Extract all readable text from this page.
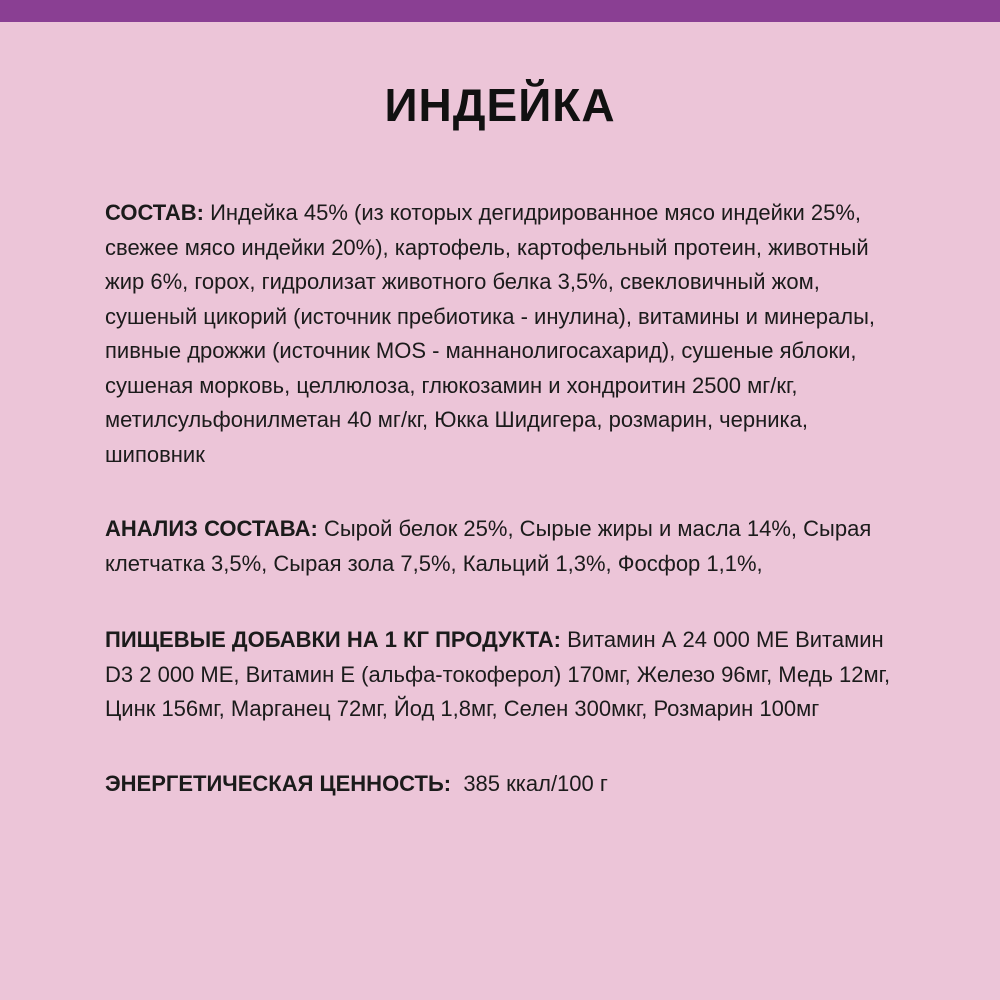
ИНДЕЙКА

СОСТАВ: Индейка 45% (из которых дегидрированное мясо индейки 25%, свежее мясо индейки 20%), картофель, картофельный протеин, животный жир 6%, горох, гидролизат животного белка 3,5%, свекловичный жом, сушеный цикорий (источник пребиотика - инулина), витамины и минералы, пивные дрожжи (источник MOS - маннанолигосахарид), сушеные яблоки, сушеная морковь, целлюлоза, глюкозамин и хондроитин 2500 мг/кг, метилсульфонилметан 40 мг/кг, Юкка Шидигера, розмарин, черника, шиповник

АНАЛИЗ СОСТАВА: Сырой белок 25%, Сырые жиры и масла 14%, Сырая клетчатка 3,5%, Сырая зола 7,5%, Кальций 1,3%, Фосфор 1,1%,

ПИЩЕВЫЕ ДОБАВКИ НА 1 КГ ПРОДУКТА: Витамин А 24 000 МЕ Витамин D3 2 000 МЕ, Витамин Е (альфа-токоферол) 170мг, Железо 96мг, Медь 12мг, Цинк 156мг, Марганец 72мг, Йод 1,8мг, Селен 300мкг, Розмарин 100мг

ЭНЕРГЕТИЧЕСКАЯ ЦЕННОСТЬ:  385 ккал/100 г
